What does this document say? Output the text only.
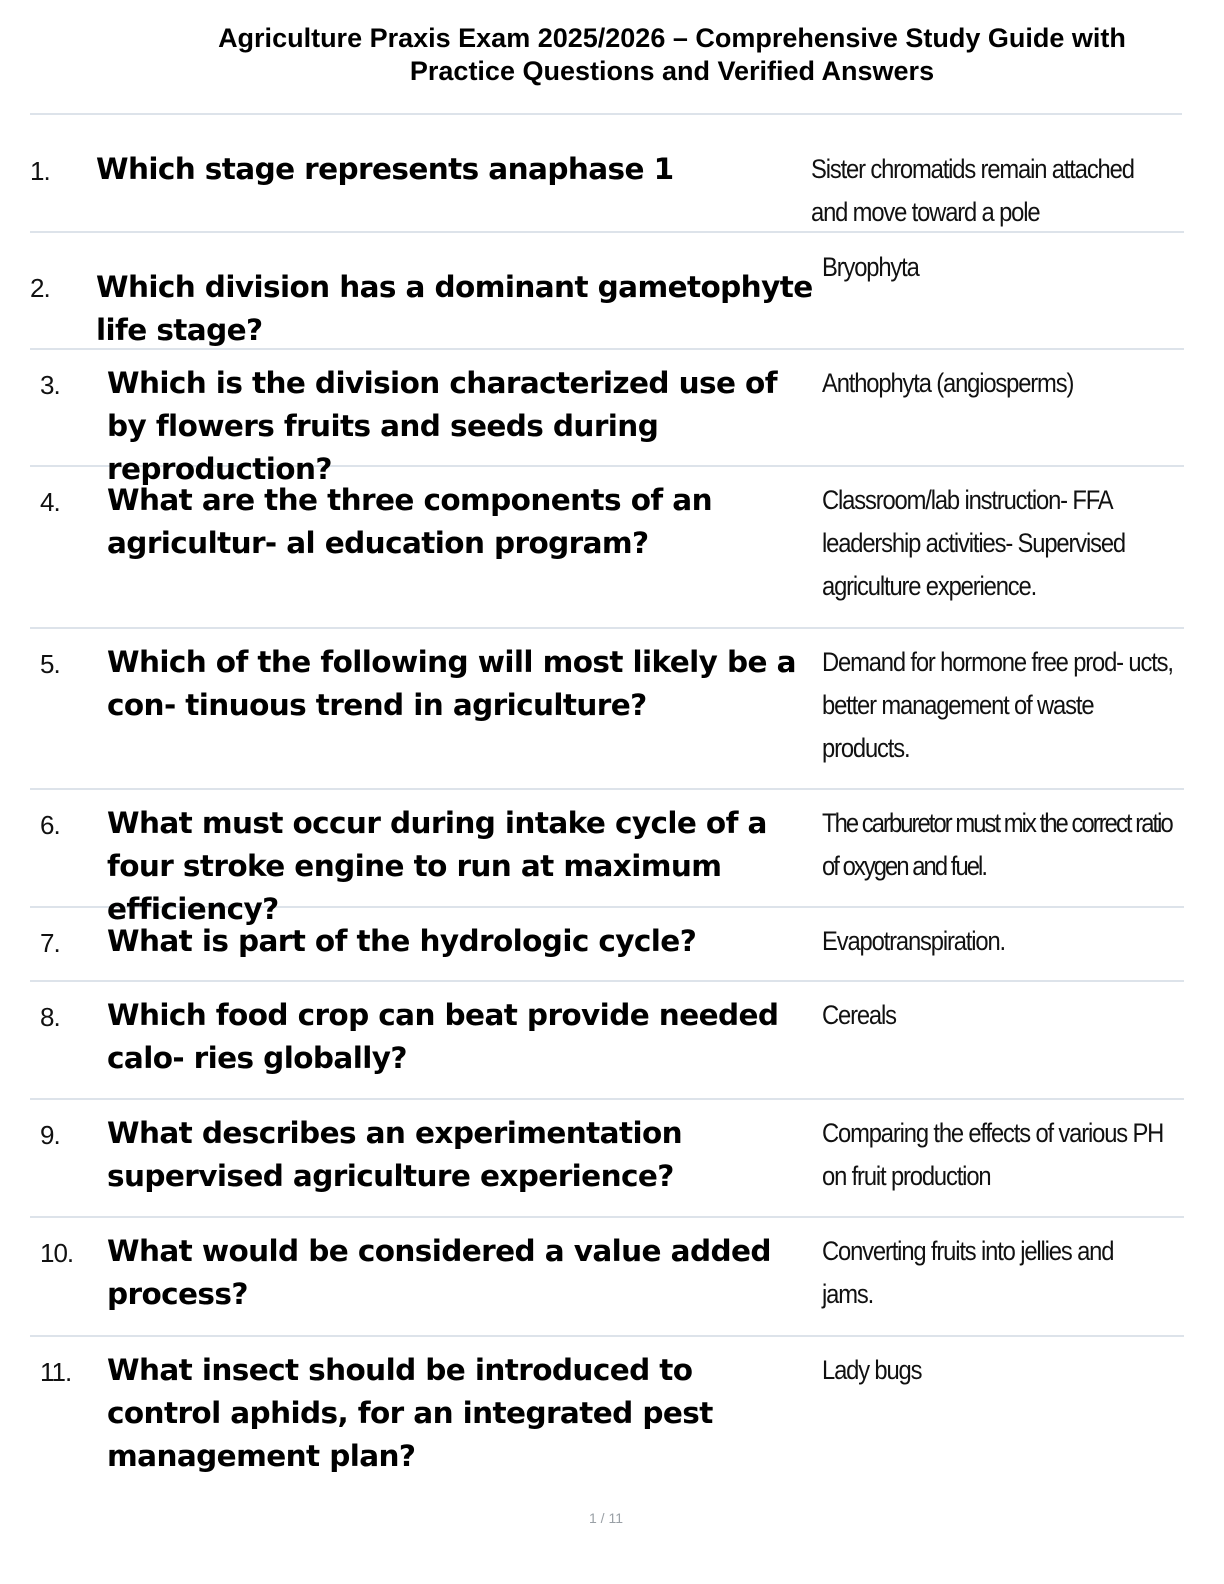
Agriculture Praxis Exam 2025/2026 – Comprehensive Study Guide with
Practice Questions and Verified Answers
1. Which stage represents anaphase 1	Sister chromatids remain attached and move toward a pole
2. Which division has a dominant gametophyte life stage?
Bryophyta
3. Which is the division characterized use of by flowers fruits and seeds during reproduction?
Anthophyta (angiosperms)
4. What are the three components of an agricultur- al education program?
Classroom/lab instruction- FFA leadership activities- Supervised agriculture experience.
5. Which of the following will most likely be a con- tinuous trend in agriculture?
Demand for hormone free prod- ucts, better management of waste products.
6. What must occur during intake cycle of a four stroke engine to run at maximum efficiency?
The carburetor must mix the correct ratio of oxygen and fuel.
7. What is part of the hydrologic cycle?	Evapotranspiration.
8. Which food crop can beat provide needed calo- ries globally?
Cereals
9. What describes an experimentation supervised agriculture experience?
Comparing the effects of various PH on fruit production
10. What would be considered a value added process?
Converting fruits into jellies and jams.
11. What insect should be introduced to control aphids, for an integrated pest management plan?
Lady bugs
1 / 11
